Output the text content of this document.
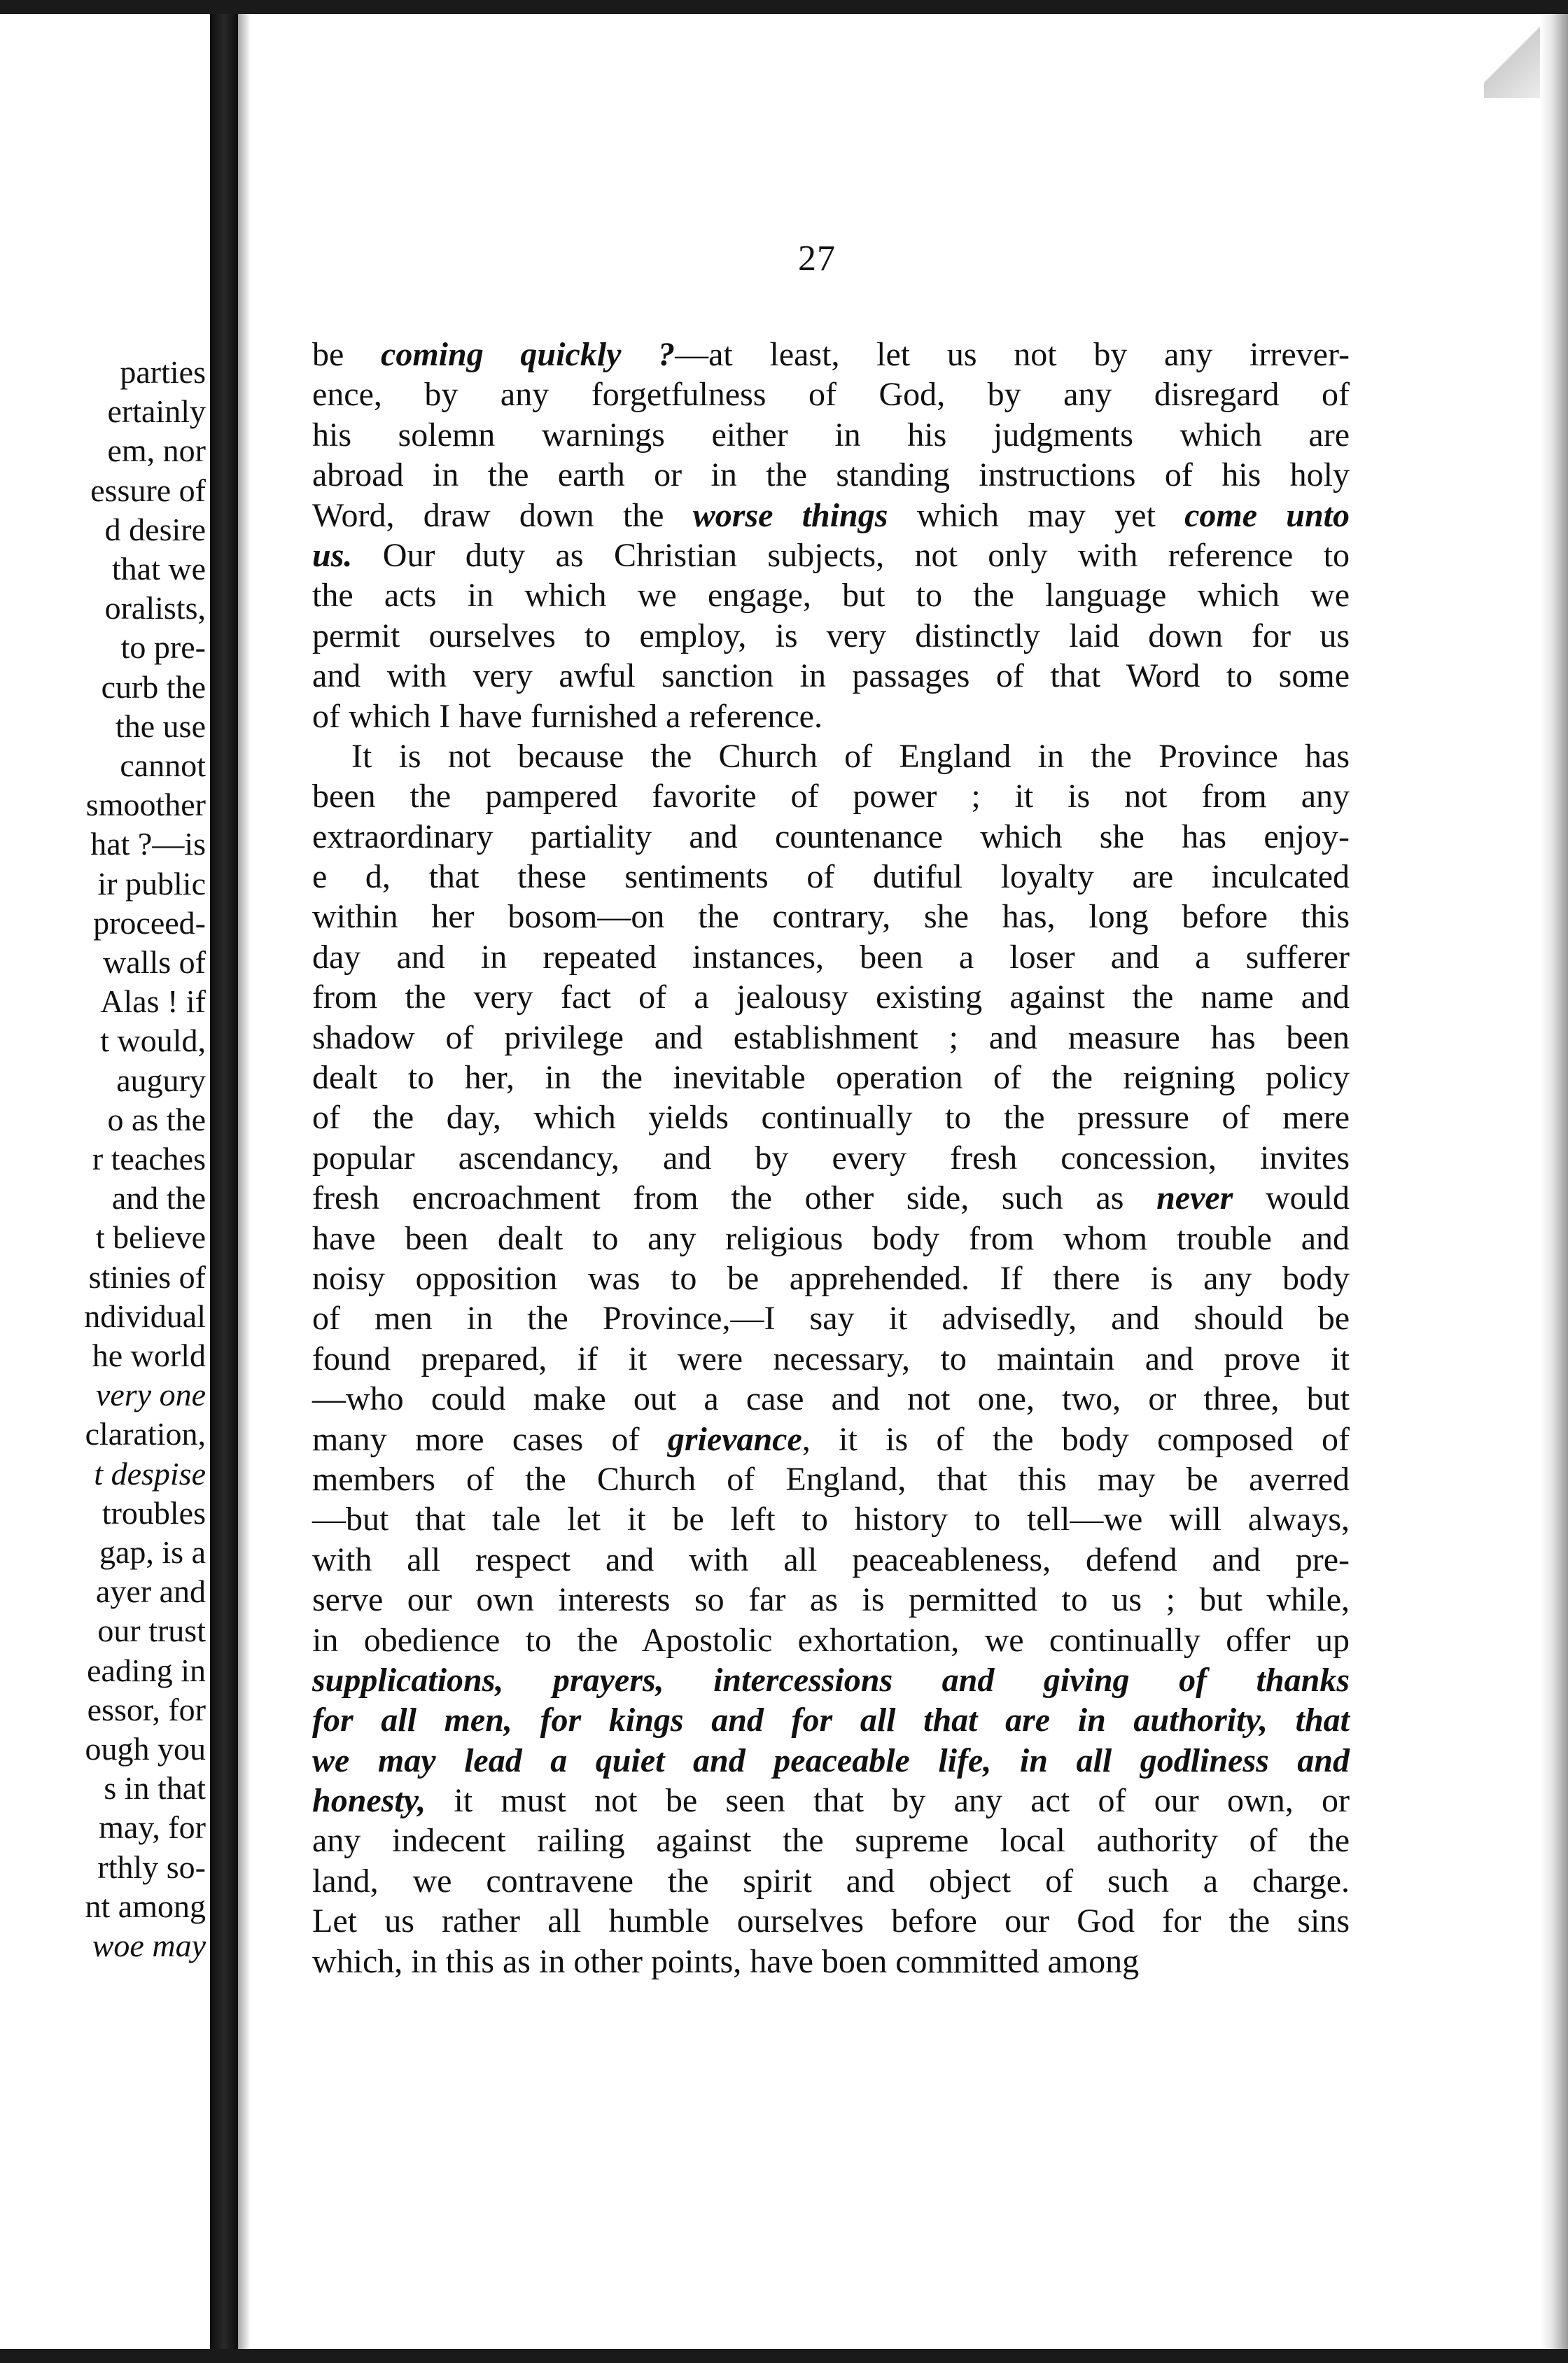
parties
ertainly
em, nor
essure of
d desire
that we
oralists,
to pre-
curb the
the use
cannot
smoother
hat ?—is
ir public
proceed-
walls of
Alas ! if
t would,
augury
o as the
r teaches
and the
t believe
stinies of
ndividual
he world
very one
claration,
t despise
troubles
gap, is a
ayer and
our trust
eading in
essor, for
ough you
s in that
may, for
rthly so-
nt among
woe may
27
be coming quickly ?—at least, let us not by any irrever-
ence, by any forgetfulness of God, by any disregard of
his solemn warnings either in his judgments which are
abroad in the earth or in the standing instructions of his holy
Word, draw down the worse things which may yet come unto
us. Our duty as Christian subjects, not only with reference to
the acts in which we engage, but to the language which we
permit ourselves to employ, is very distinctly laid down for us
and with very awful sanction in passages of that Word to some
of which I have furnished a reference.
It is not because the Church of England in the Province has
been the pampered favorite of power ; it is not from any
extraordinary partiality and countenance which she has enjoy-
e d, that these sentiments of dutiful loyalty are inculcated
within her bosom—on the contrary, she has, long before this
day and in repeated instances, been a loser and a sufferer
from the very fact of a jealousy existing against the name and
shadow of privilege and establishment ; and measure has been
dealt to her, in the inevitable operation of the reigning policy
of the day, which yields continually to the pressure of mere
popular ascendancy, and by every fresh concession, invites
fresh encroachment from the other side, such as never would
have been dealt to any religious body from whom trouble and
noisy opposition was to be apprehended. If there is any body
of men in the Province,—I say it advisedly, and should be
found prepared, if it were necessary, to maintain and prove it
—who could make out a case and not one, two, or three, but
many more cases of grievance, it is of the body composed of
members of the Church of England, that this may be averred
—but that tale let it be left to history to tell—we will always,
with all respect and with all peaceableness, defend and pre-
serve our own interests so far as is permitted to us ; but while,
in obedience to the Apostolic exhortation, we continually offer up
supplications, prayers, intercessions and giving of thanks
for all men, for kings and for all that are in authority, that
we may lead a quiet and peaceable life, in all godliness and
honesty, it must not be seen that by any act of our own, or
any indecent railing against the supreme local authority of the
land, we contravene the spirit and object of such a charge.
Let us rather all humble ourselves before our God for the sins
which, in this as in other points, have boen committed among
